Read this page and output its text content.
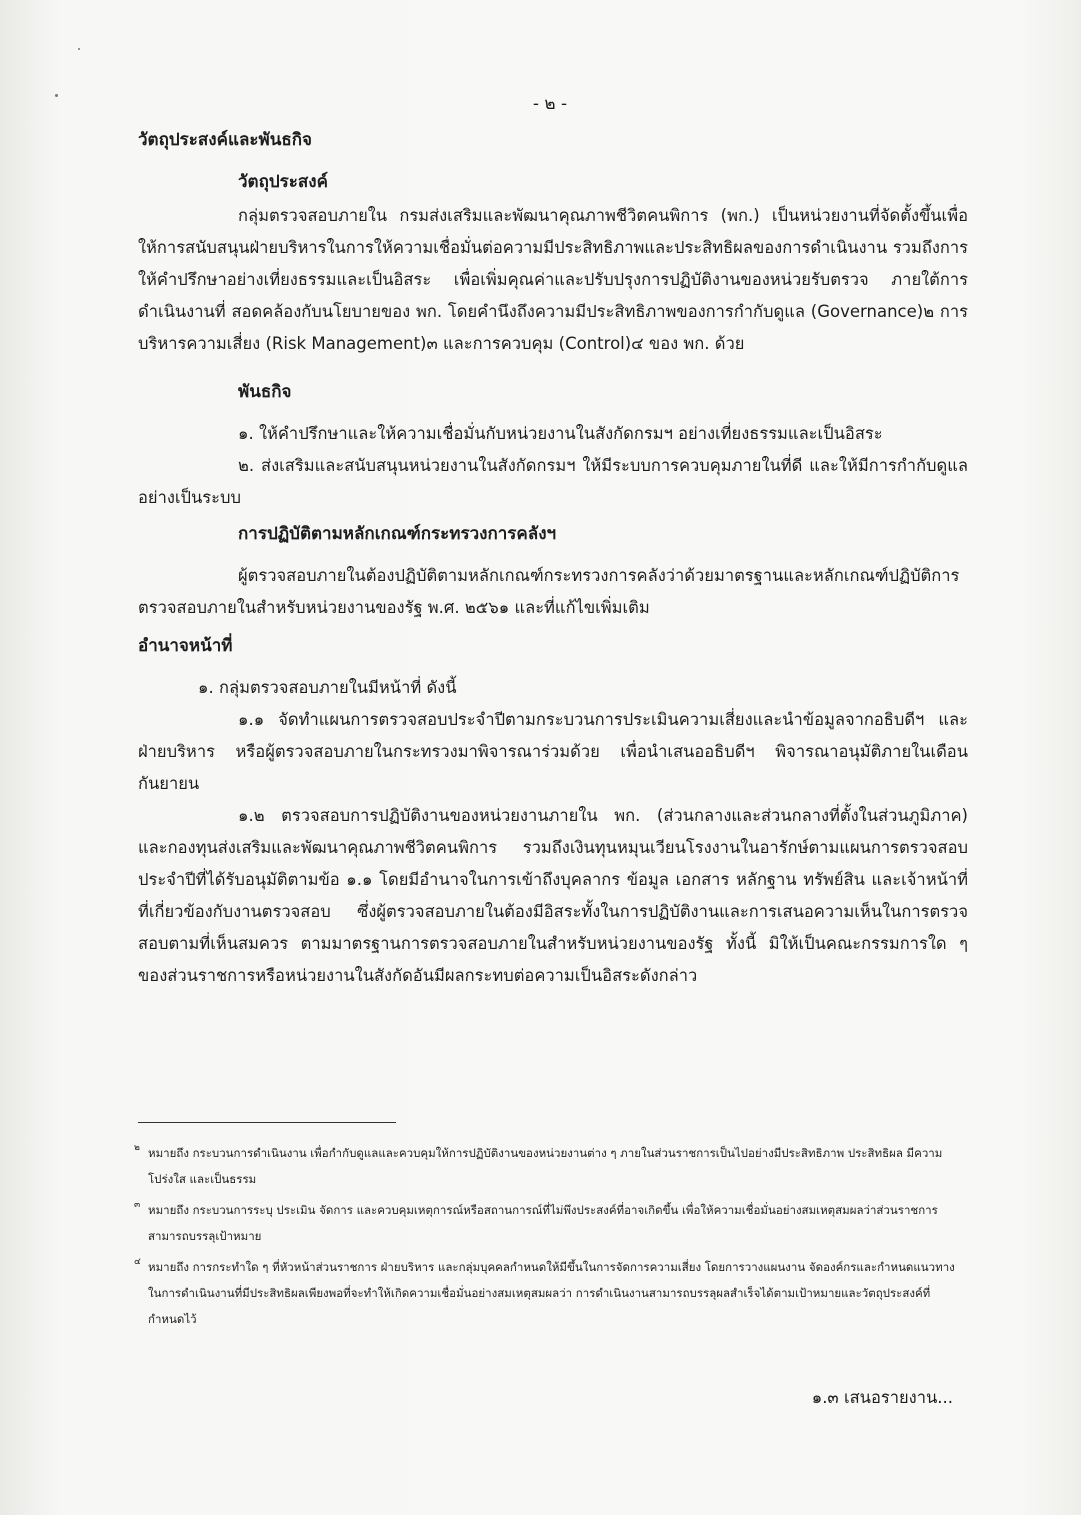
- ๒ -

วัตถุประสงค์และพันธกิจ

วัตถุประสงค์

กลุ่มตรวจสอบภายใน กรมส่งเสริมและพัฒนาคุณภาพชีวิตคนพิการ (พก.) เป็นหน่วยงานที่จัดตั้งขึ้นเพื่อให้การสนับสนุนฝ่ายบริหารในการให้ความเชื่อมั่นต่อความมีประสิทธิภาพและประสิทธิผลของการดำเนินงาน รวมถึงการให้คำปรึกษาอย่างเที่ยงธรรมและเป็นอิสระ เพื่อเพิ่มคุณค่าและปรับปรุงการปฏิบัติงานของหน่วยรับตรวจ ภายใต้การดำเนินงานที่ สอดคล้องกับนโยบายของ พก. โดยคำนึงถึงความมีประสิทธิภาพของการกำกับดูแล (Governance)๒ การบริหารความเสี่ยง (Risk Management)๓ และการควบคุม (Control)๔ ของ พก. ด้วย

พันธกิจ

๑. ให้คำปรึกษาและให้ความเชื่อมั่นกับหน่วยงานในสังกัดกรมฯ อย่างเที่ยงธรรมและเป็นอิสระ

๒. ส่งเสริมและสนับสนุนหน่วยงานในสังกัดกรมฯ ให้มีระบบการควบคุมภายในที่ดี และให้มีการกำกับดูแลอย่างเป็นระบบ

การปฏิบัติตามหลักเกณฑ์กระทรวงการคลังฯ

ผู้ตรวจสอบภายในต้องปฏิบัติตามหลักเกณฑ์กระทรวงการคลังว่าด้วยมาตรฐานและหลักเกณฑ์ปฏิบัติการตรวจสอบภายในสำหรับหน่วยงานของรัฐ พ.ศ. ๒๕๖๑ และที่แก้ไขเพิ่มเติม

อำนาจหน้าที่

๑. กลุ่มตรวจสอบภายในมีหน้าที่ ดังนี้

๑.๑ จัดทำแผนการตรวจสอบประจำปีตามกระบวนการประเมินความเสี่ยงและนำข้อมูลจากอธิบดีฯ และฝ่ายบริหาร หรือผู้ตรวจสอบภายในกระทรวงมาพิจารณาร่วมด้วย เพื่อนำเสนออธิบดีฯ พิจารณาอนุมัติภายในเดือนกันยายน

๑.๒ ตรวจสอบการปฏิบัติงานของหน่วยงานภายใน พก. (ส่วนกลางและส่วนกลางที่ตั้งในส่วนภูมิภาค) และกองทุนส่งเสริมและพัฒนาคุณภาพชีวิตคนพิการ รวมถึงเงินทุนหมุนเวียนโรงงานในอารักษ์ตามแผนการตรวจสอบประจำปีที่ได้รับอนุมัติตามข้อ ๑.๑ โดยมีอำนาจในการเข้าถึงบุคลากร ข้อมูล เอกสาร หลักฐาน ทรัพย์สิน และเจ้าหน้าที่ที่เกี่ยวข้องกับงานตรวจสอบ ซึ่งผู้ตรวจสอบภายในต้องมีอิสระทั้งในการปฏิบัติงานและการเสนอความเห็นในการตรวจสอบตามที่เห็นสมควร ตามมาตรฐานการตรวจสอบภายในสำหรับหน่วยงานของรัฐ ทั้งนี้ มิให้เป็นคณะกรรมการใด ๆ ของส่วนราชการหรือหน่วยงานในสังกัดอันมีผลกระทบต่อความเป็นอิสระดังกล่าว

๒ หมายถึง กระบวนการดำเนินงาน เพื่อกำกับดูแลและควบคุมให้การปฏิบัติงานของหน่วยงานต่าง ๆ ภายในส่วนราชการเป็นไปอย่างมีประสิทธิภาพ ประสิทธิผล มีความโปร่งใส และเป็นธรรม
๓ หมายถึง กระบวนการระบุ ประเมิน จัดการ และควบคุมเหตุการณ์หรือสถานการณ์ที่ไม่พึงประสงค์ที่อาจเกิดขึ้น เพื่อให้ความเชื่อมั่นอย่างสมเหตุสมผลว่าส่วนราชการสามารถบรรลุเป้าหมาย
๔ หมายถึง การกระทำใด ๆ ที่หัวหน้าส่วนราชการ ฝ่ายบริหาร และกลุ่มบุคคลกำหนดให้มีขึ้นในการจัดการความเสี่ยง โดยการวางแผนงาน จัดองค์กรและกำหนดแนวทางในการดำเนินงานที่มีประสิทธิผลเพียงพอที่จะทำให้เกิดความเชื่อมั่นอย่างสมเหตุสมผลว่า การดำเนินงานสามารถบรรลุผลสำเร็จได้ตามเป้าหมายและวัตถุประสงค์ที่กำหนดไว้
๑.๓ เสนอรายงาน...
